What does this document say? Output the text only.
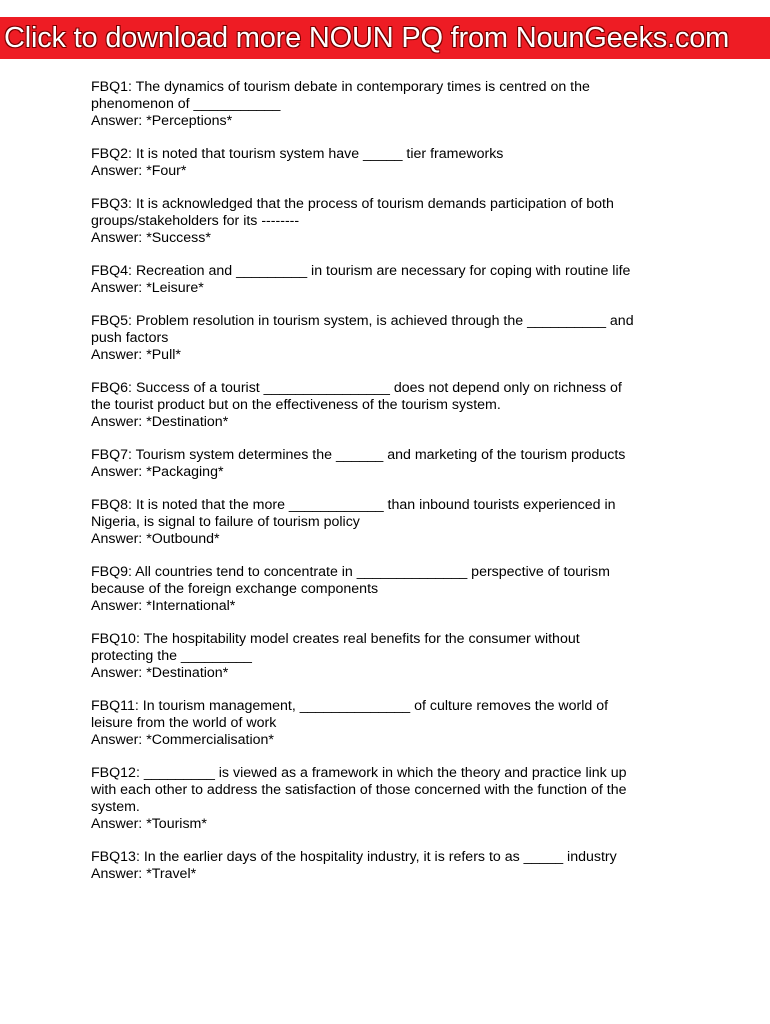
Click to download more NOUN PQ from NounGeeks.com
FBQ1: The dynamics of tourism debate in contemporary times is centred on the
phenomenon of ___________
Answer: *Perceptions*
FBQ2: It is noted that tourism system have _____ tier frameworks
Answer: *Four*
FBQ3: It is acknowledged that the process of tourism demands participation of both
groups/stakeholders for its --------
Answer: *Success*
FBQ4: Recreation and _________ in tourism are necessary for coping with routine life
Answer: *Leisure*
FBQ5: Problem resolution in tourism system, is achieved through the __________ and
push factors
Answer: *Pull*
FBQ6: Success of a tourist ________________ does not depend only on richness of
the tourist product but on the effectiveness of the tourism system.
Answer: *Destination*
FBQ7: Tourism system determines the ______ and marketing of the tourism products
Answer: *Packaging*
FBQ8: It is noted that the more ____________ than inbound tourists experienced in
Nigeria, is signal to failure of tourism policy
Answer: *Outbound*
FBQ9: All countries tend to concentrate in ______________ perspective of tourism
because of the foreign exchange components
Answer: *International*
FBQ10: The hospitability model creates real benefits for the consumer without
protecting the _________
Answer: *Destination*
FBQ11: In tourism management, ______________ of culture removes the world of
leisure from the world of work
Answer: *Commercialisation*
FBQ12: _________ is viewed as a framework in which the theory and practice link up
with each other to address the satisfaction of those concerned with the function of the
system.
Answer: *Tourism*
FBQ13: In the earlier days of the hospitality industry, it is refers to as _____ industry
Answer: *Travel*
